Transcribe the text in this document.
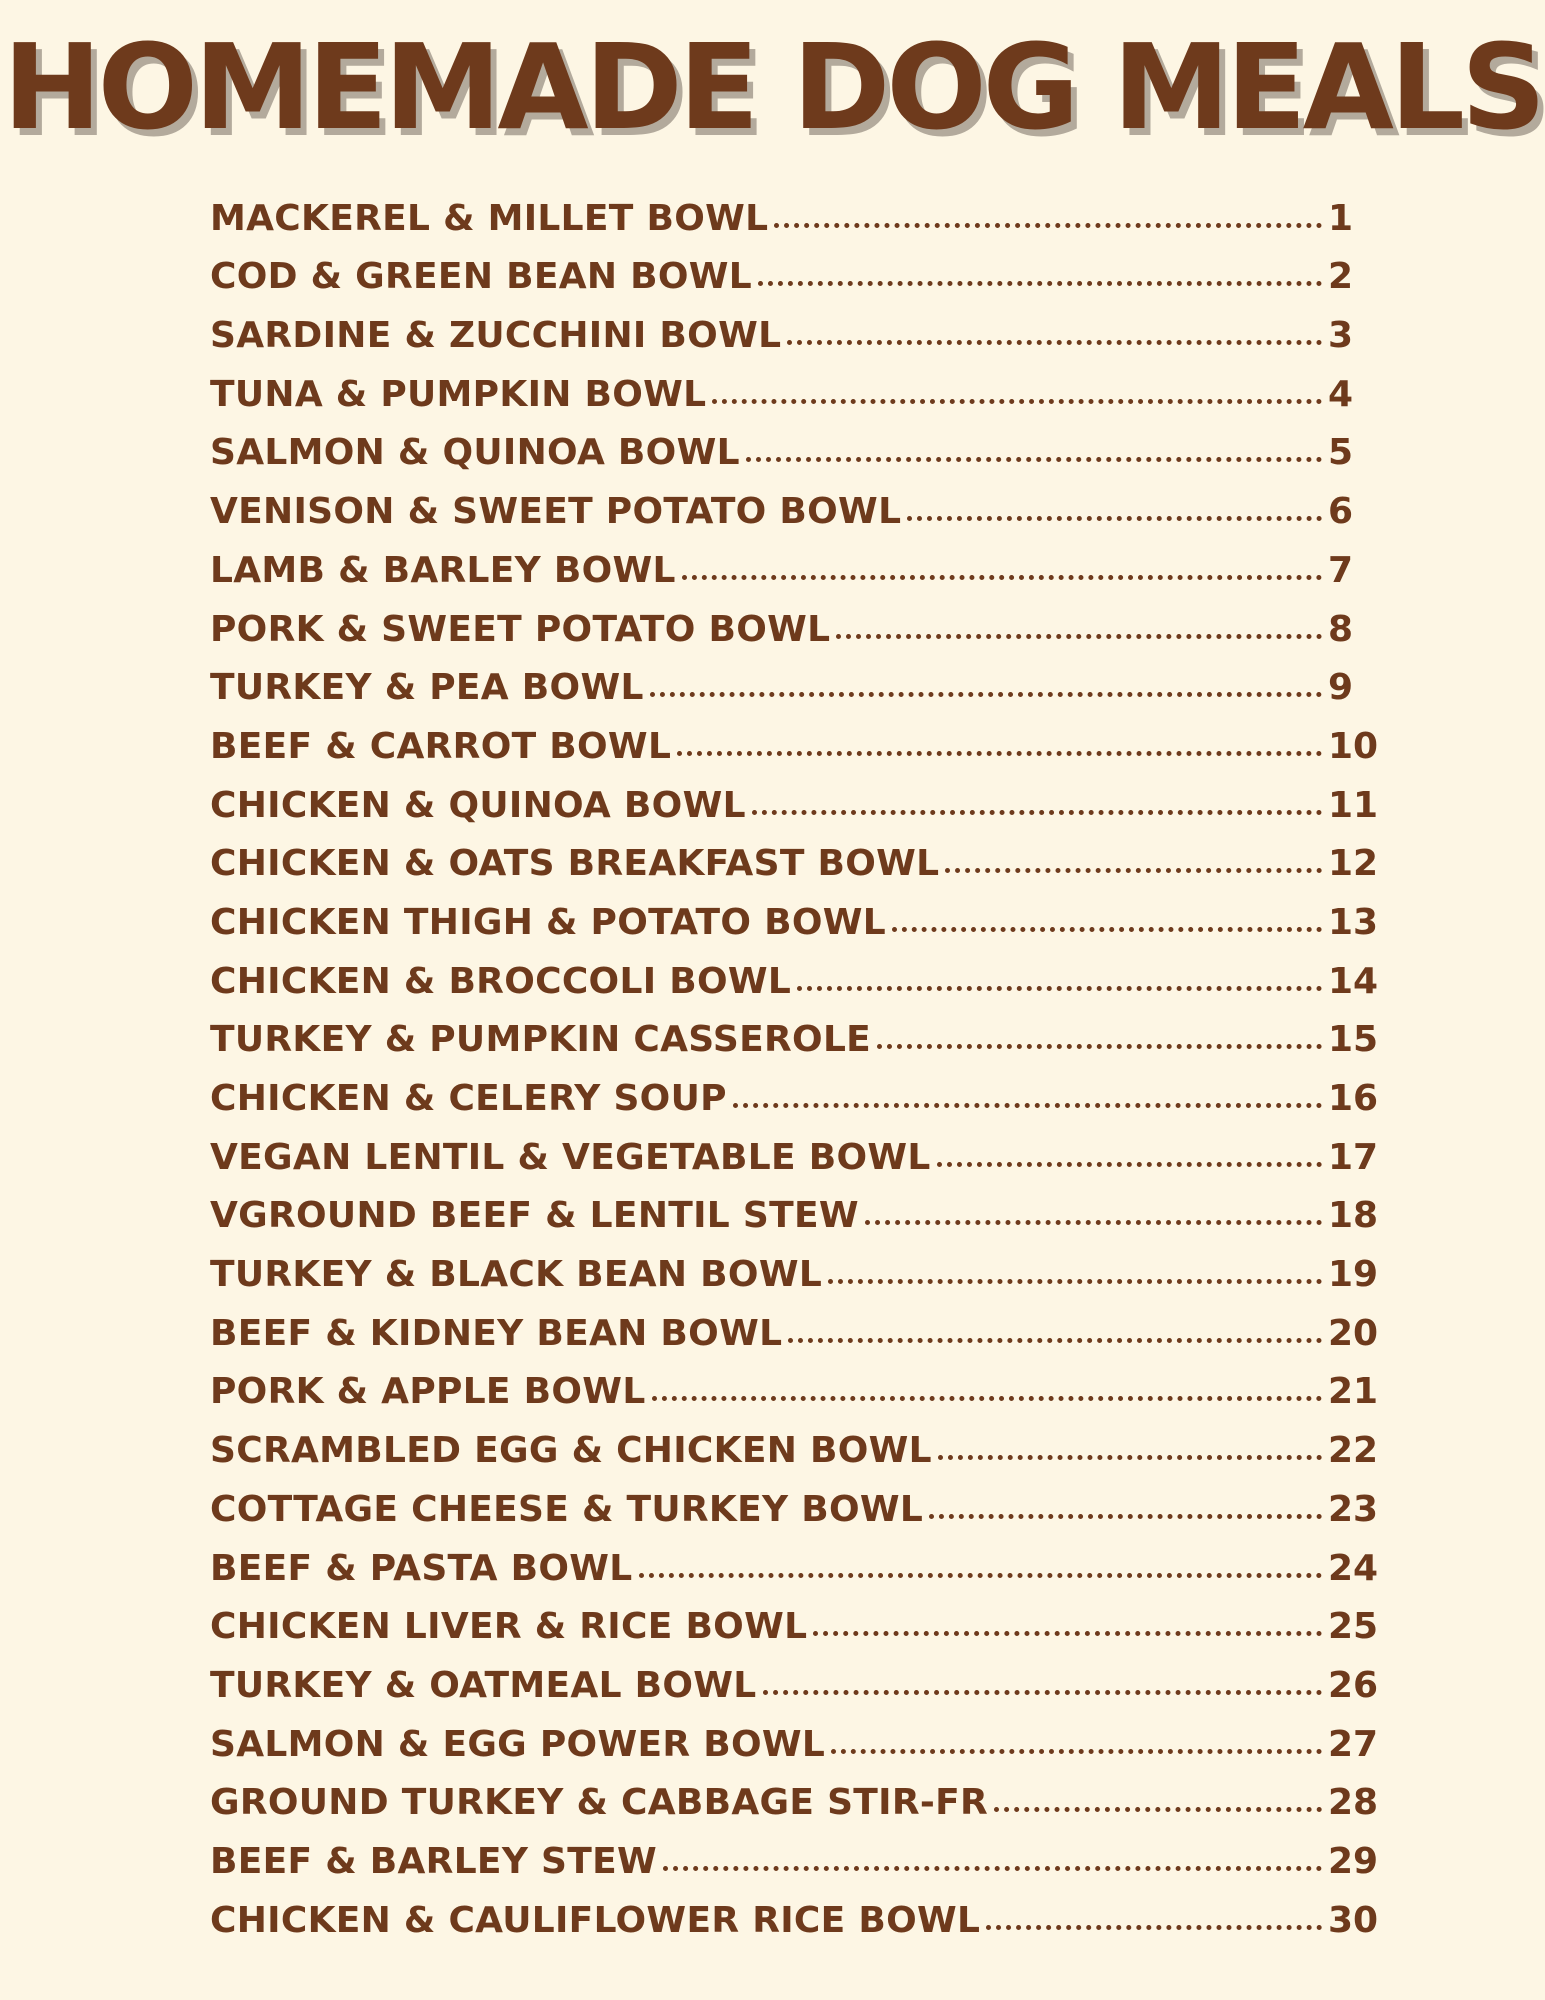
HOMEMADE DOG MEALS
MACKEREL & MILLET BOWL	1
COD & GREEN BEAN BOWL	2
SARDINE & ZUCCHINI BOWL	3
TUNA & PUMPKIN BOWL	4
SALMON & QUINOA BOWL	5
VENISON & SWEET POTATO BOWL	6
LAMB & BARLEY BOWL	7
PORK & SWEET POTATO BOWL	8
TURKEY & PEA BOWL	9
BEEF & CARROT BOWL	10
CHICKEN & QUINOA BOWL	11
CHICKEN & OATS BREAKFAST BOWL	12
CHICKEN THIGH & POTATO BOWL	13
CHICKEN & BROCCOLI BOWL	14
TURKEY & PUMPKIN CASSEROLE	15
CHICKEN & CELERY SOUP	16
VEGAN LENTIL & VEGETABLE BOWL	17
VGROUND BEEF & LENTIL STEW	18
TURKEY & BLACK BEAN BOWL	19
BEEF & KIDNEY BEAN BOWL	20
PORK & APPLE BOWL	21
SCRAMBLED EGG & CHICKEN BOWL	22
COTTAGE CHEESE & TURKEY BOWL	23
BEEF & PASTA BOWL	24
CHICKEN LIVER & RICE BOWL	25
TURKEY & OATMEAL BOWL	26
SALMON & EGG POWER BOWL	27
GROUND TURKEY & CABBAGE STIR-FR	28
BEEF & BARLEY STEW	29
CHICKEN & CAULIFLOWER RICE BOWL	30
